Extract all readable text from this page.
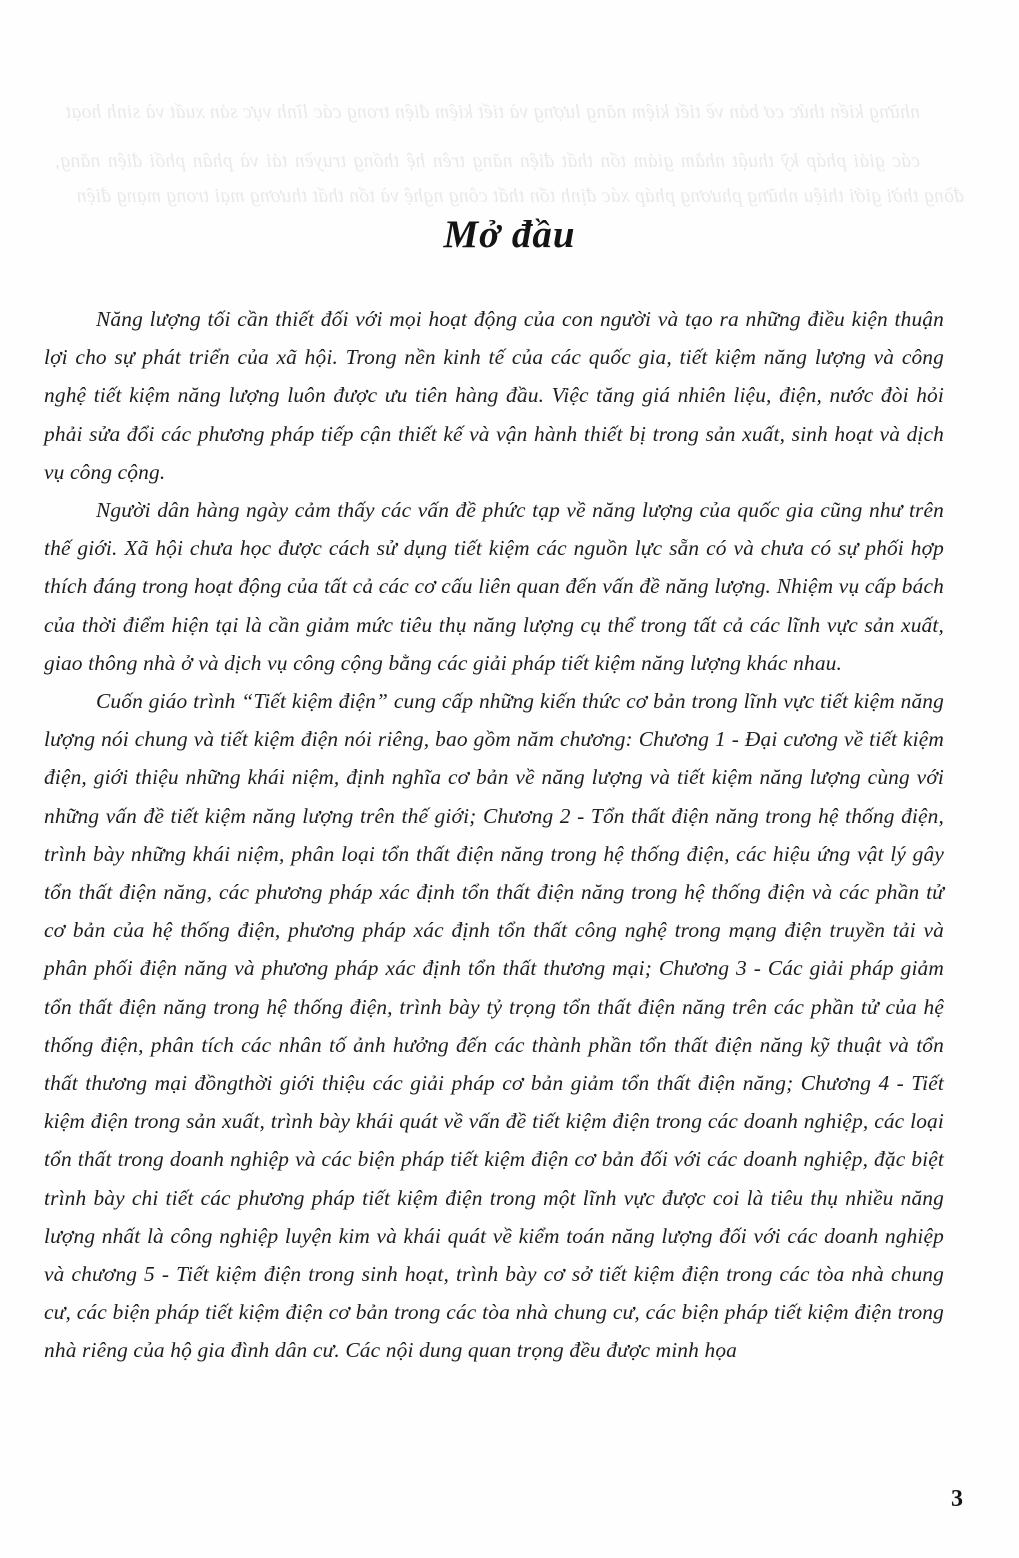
những kiến thức cơ bản về tiết kiệm năng lượng và tiết kiệm điện trong các lĩnh vực sản xuất và sinh hoạt

các giải pháp kỹ thuật nhằm giảm tổn thất điện năng trên hệ thống truyền tải và phân phối điện năng, đồng thời giới thiệu những phương pháp xác định tổn thất công nghệ và tổn thất thương mại trong mạng điện

Mở đầu

Năng lượng tối cần thiết đối với mọi hoạt động của con người và tạo ra những điều kiện thuận lợi cho sự phát triển của xã hội. Trong nền kinh tế của các quốc gia, tiết kiệm năng lượng và công nghệ tiết kiệm năng lượng luôn được ưu tiên hàng đầu. Việc tăng giá nhiên liệu, điện, nước đòi hỏi phải sửa đổi các phương pháp tiếp cận thiết kế và vận hành thiết bị trong sản xuất, sinh hoạt và dịch vụ công cộng.

Người dân hàng ngày cảm thấy các vấn đề phức tạp về năng lượng của quốc gia cũng như trên thế giới. Xã hội chưa học được cách sử dụng tiết kiệm các nguồn lực sẵn có và chưa có sự phối hợp thích đáng trong hoạt động của tất cả các cơ cấu liên quan đến vấn đề năng lượng. Nhiệm vụ cấp bách của thời điểm hiện tại là cần giảm mức tiêu thụ năng lượng cụ thể trong tất cả các lĩnh vực sản xuất, giao thông nhà ở và dịch vụ công cộng bằng các giải pháp tiết kiệm năng lượng khác nhau.

Cuốn giáo trình “Tiết kiệm điện” cung cấp những kiến thức cơ bản trong lĩnh vực tiết kiệm năng lượng nói chung và tiết kiệm điện nói riêng, bao gồm năm chương: Chương 1 - Đại cương về tiết kiệm điện, giới thiệu những khái niệm, định nghĩa cơ bản về năng lượng và tiết kiệm năng lượng cùng với những vấn đề tiết kiệm năng lượng trên thế giới; Chương 2 - Tổn thất điện năng trong hệ thống điện, trình bày những khái niệm, phân loại tổn thất điện năng trong hệ thống điện, các hiệu ứng vật lý gây tổn thất điện năng, các phương pháp xác định tổn thất điện năng trong hệ thống điện và các phần tử cơ bản của hệ thống điện, phương pháp xác định tổn thất công nghệ trong mạng điện truyền tải và phân phối điện năng và phương pháp xác định tổn thất thương mại; Chương 3 - Các giải pháp giảm tổn thất điện năng trong hệ thống điện, trình bày tỷ trọng tổn thất điện năng trên các phần tử của hệ thống điện, phân tích các nhân tố ảnh hưởng đến các thành phần tổn thất điện năng kỹ thuật và tổn thất thương mại đồngthời giới thiệu các giải pháp cơ bản giảm tổn thất điện năng; Chương 4 - Tiết kiệm điện trong sản xuất, trình bày khái quát về vấn đề tiết kiệm điện trong các doanh nghiệp, các loại tổn thất trong doanh nghiệp và các biện pháp tiết kiệm điện cơ bản đối với các doanh nghiệp, đặc biệt trình bày chi tiết các phương pháp tiết kiệm điện trong một lĩnh vực được coi là tiêu thụ nhiều năng lượng nhất là công nghiệp luyện kim và khái quát về kiểm toán năng lượng đối với các doanh nghiệp và chương 5 - Tiết kiệm điện trong sinh hoạt, trình bày cơ sở tiết kiệm điện trong các tòa nhà chung cư, các biện pháp tiết kiệm điện cơ bản trong các tòa nhà chung cư, các biện pháp tiết kiệm điện trong nhà riêng của hộ gia đình dân cư. Các nội dung quan trọng đều được minh họa

3
